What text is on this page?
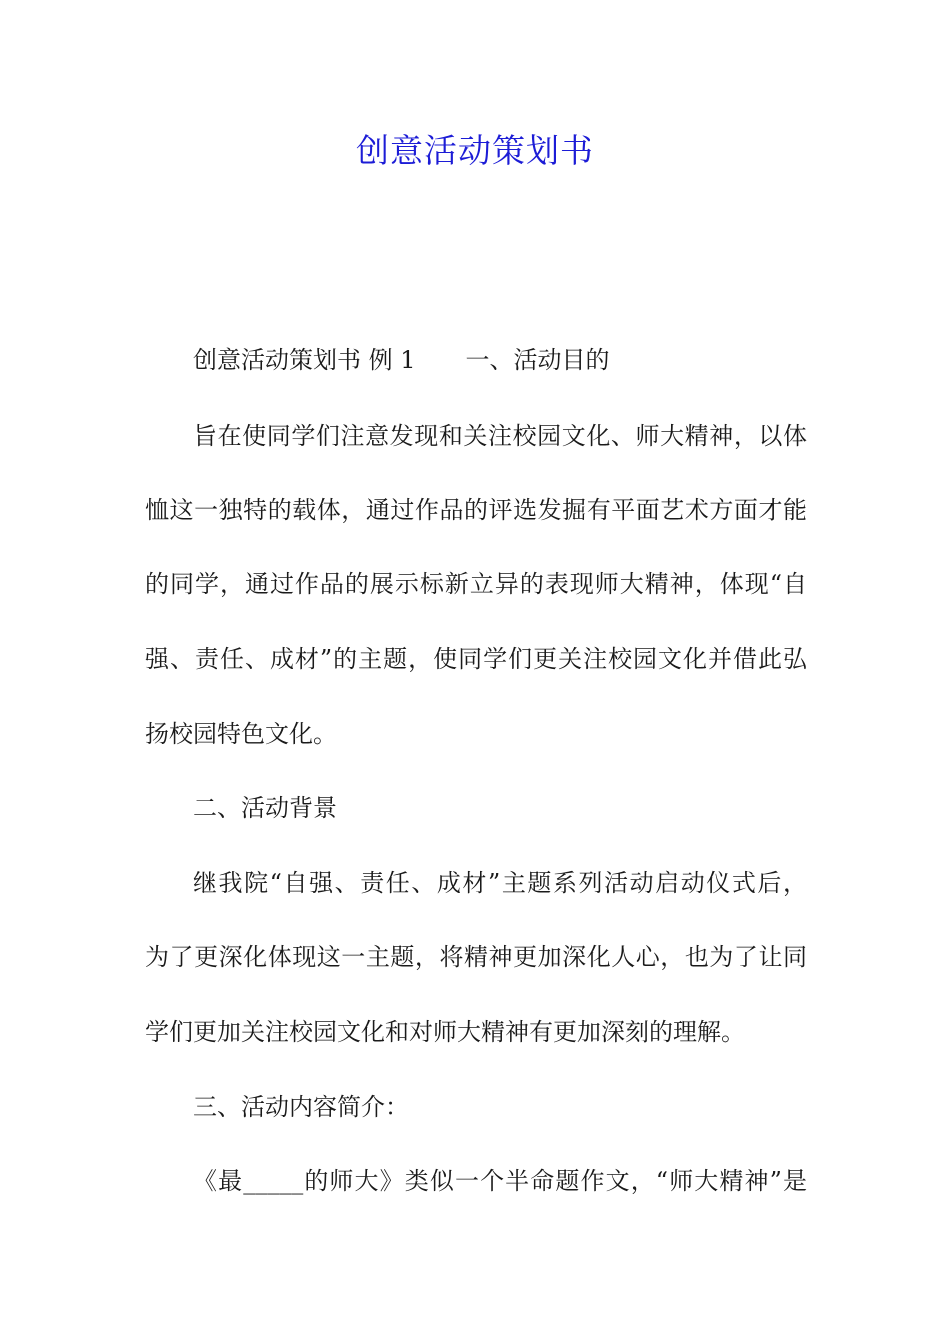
创意活动策划书
创意活动策划书 例 1 一、活动目的
旨在使同学们注意发现和关注校园文化、师大精神，以体
恤这一独特的载体，通过作品的评选发掘有平面艺术方面才能
的同学，通过作品的展示标新立异的表现师大精神，体现“自
强、责任、成材”的主题，使同学们更关注校园文化并借此弘
扬校园特色文化。
二、活动背景
继我院“自强、责任、成材”主题系列活动启动仪式后，
为了更深化体现这一主题，将精神更加深化人心，也为了让同
学们更加关注校园文化和对师大精神有更加深刻的理解。
三、活动内容简介：
《最_____的师大》类似一个半命题作文，“师大精神”是
